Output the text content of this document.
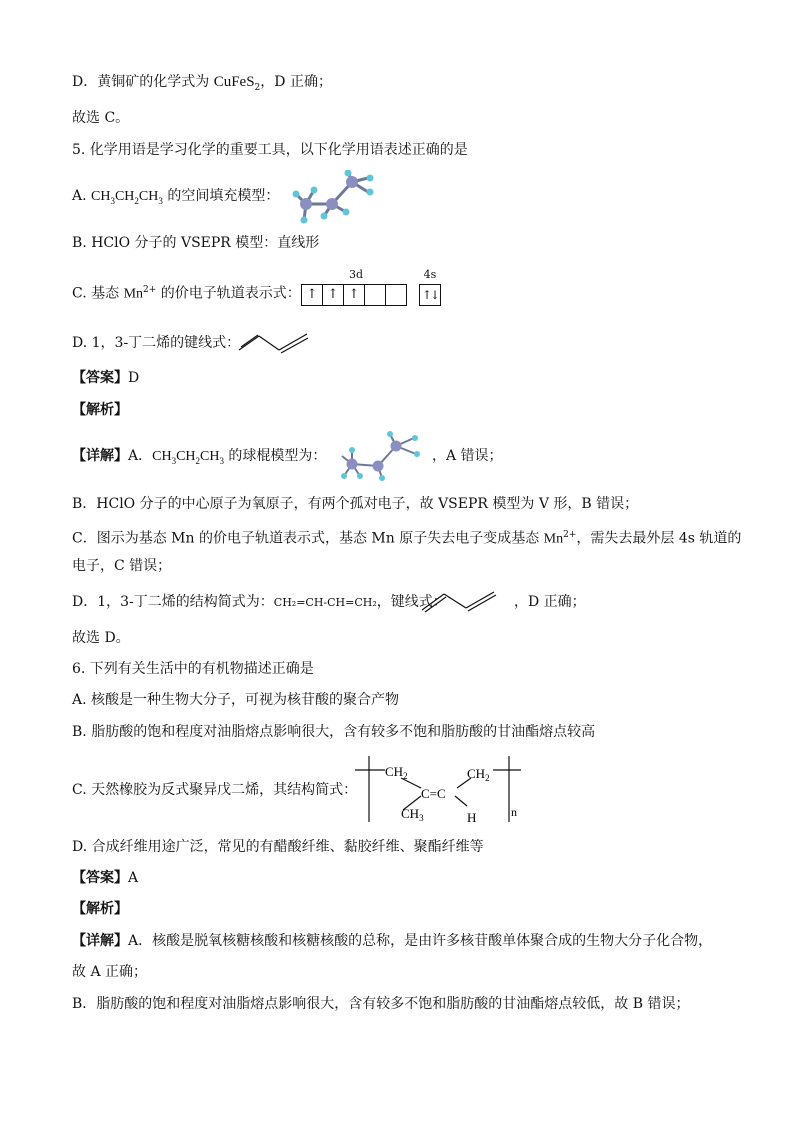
D．黄铜矿的化学式为 CuFeS$_2$，D 正确；
故选 C。
5. 化学用语是学习化学的重要工具，以下化学用语表述正确的是
A. $CH_3CH_2CH_3$ 的空间填充模型：
B. HClO 分子的 VSEPR 模型：直线形
C. 基态 $Mn^{2+}$ 的价电子轨道表示式：
3d	4s
↑ ↑ ↑	↑↓
D. 1，3-丁二烯的键线式：
【答案】D
【解析】
【详解】A．$CH_3CH_2CH_3$ 的球棍模型为：	，A 错误；
B．HClO 分子的中心原子为氧原子，有两个孤对电子，故 VSEPR 模型为 V 形，B 错误；
C．图示为基态 Mn 的价电子轨道表示式，基态 Mn 原子失去电子变成基态 $Mn^{2+}$，需失去最外层 4s 轨道的
电子，C 错误；
D．1，3-丁二烯的结构简式为：CH₂=CH-CH=CH₂，键线式：	，D 正确；
故选 D。
6. 下列有关生活中的有机物描述正确是
A. 核酸是一种生物大分子，可视为核苷酸的聚合产物
B. 脂肪酸的饱和程度对油脂熔点影响很大，含有较多不饱和脂肪酸的甘油酯熔点较高
C. 天然橡胶为反式聚异戊二烯，其结构简式：
$CH_2$
C=C
$CH_3$
$CH_2$
H	n
D. 合成纤维用途广泛，常见的有醋酸纤维、黏胶纤维、聚酯纤维等
【答案】A
【解析】
【详解】A．核酸是脱氧核糖核酸和核糖核酸的总称，是由许多核苷酸单体聚合成的生物大分子化合物，
故 A 正确；
B．脂肪酸的饱和程度对油脂熔点影响很大，含有较多不饱和脂肪酸的甘油酯熔点较低，故 B 错误；
